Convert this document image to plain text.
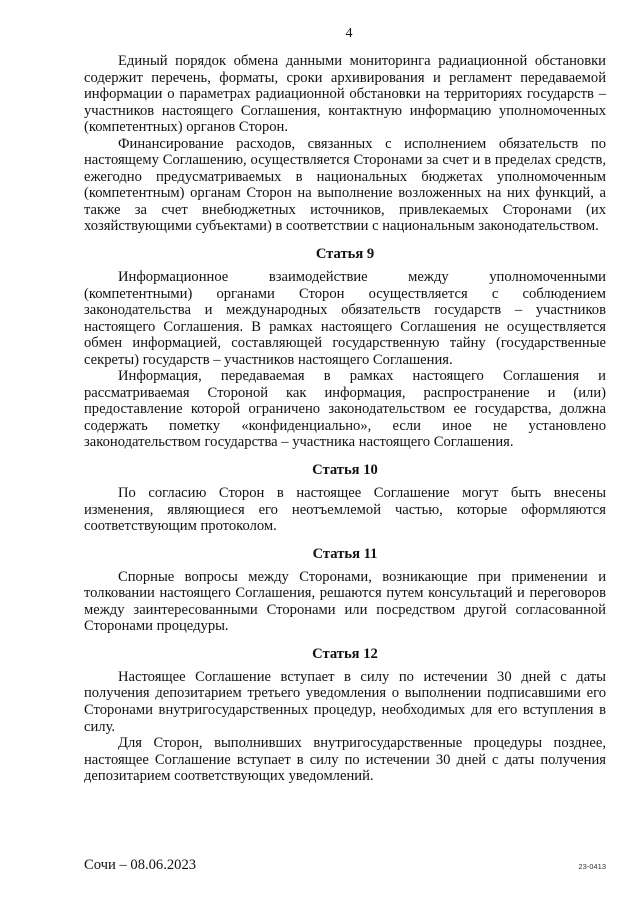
4

Единый порядок обмена данными мониторинга радиационной обстановки содержит перечень, форматы, сроки архивирования и регламент передаваемой информации о параметрах радиационной обстановки на территориях государств – участников настоящего Соглашения, контактную информацию уполномоченных (компетентных) органов Сторон.

Финансирование расходов, связанных с исполнением обязательств по настоящему Соглашению, осуществляется Сторонами за счет и в пределах средств, ежегодно предусматриваемых в национальных бюджетах уполномоченным (компетентным) органам Сторон на выполнение возложенных на них функций, а также за счет внебюджетных источников, привлекаемых Сторонами (их хозяйствующими субъектами) в соответствии с национальным законодательством.

Статья 9

Информационное взаимодействие между уполномоченными (компетентными) органами Сторон осуществляется с соблюдением законодательства и международных обязательств государств – участников настоящего Соглашения. В рамках настоящего Соглашения не осуществляется обмен информацией, составляющей государственную тайну (государственные секреты) государств – участников настоящего Соглашения.

Информация, передаваемая в рамках настоящего Соглашения и рассматриваемая Стороной как информация, распространение и (или) предоставление которой ограничено законодательством ее государства, должна содержать пометку «конфиденциально», если иное не установлено законодательством государства – участника настоящего Соглашения.

Статья 10

По согласию Сторон в настоящее Соглашение могут быть внесены изменения, являющиеся его неотъемлемой частью, которые оформляются соответствующим протоколом.

Статья 11

Спорные вопросы между Сторонами, возникающие при применении и толковании настоящего Соглашения, решаются путем консультаций и переговоров между заинтересованными Сторонами или посредством другой согласованной Сторонами процедуры.

Статья 12

Настоящее Соглашение вступает в силу по истечении 30 дней с даты получения депозитарием третьего уведомления о выполнении подписавшими его Сторонами внутригосударственных процедур, необходимых для его вступления в силу.

Для Сторон, выполнивших внутригосударственные процедуры позднее, настоящее Соглашение вступает в силу по истечении 30 дней с даты получения депозитарием соответствующих уведомлений.

Сочи – 08.06.2023	23-0413
